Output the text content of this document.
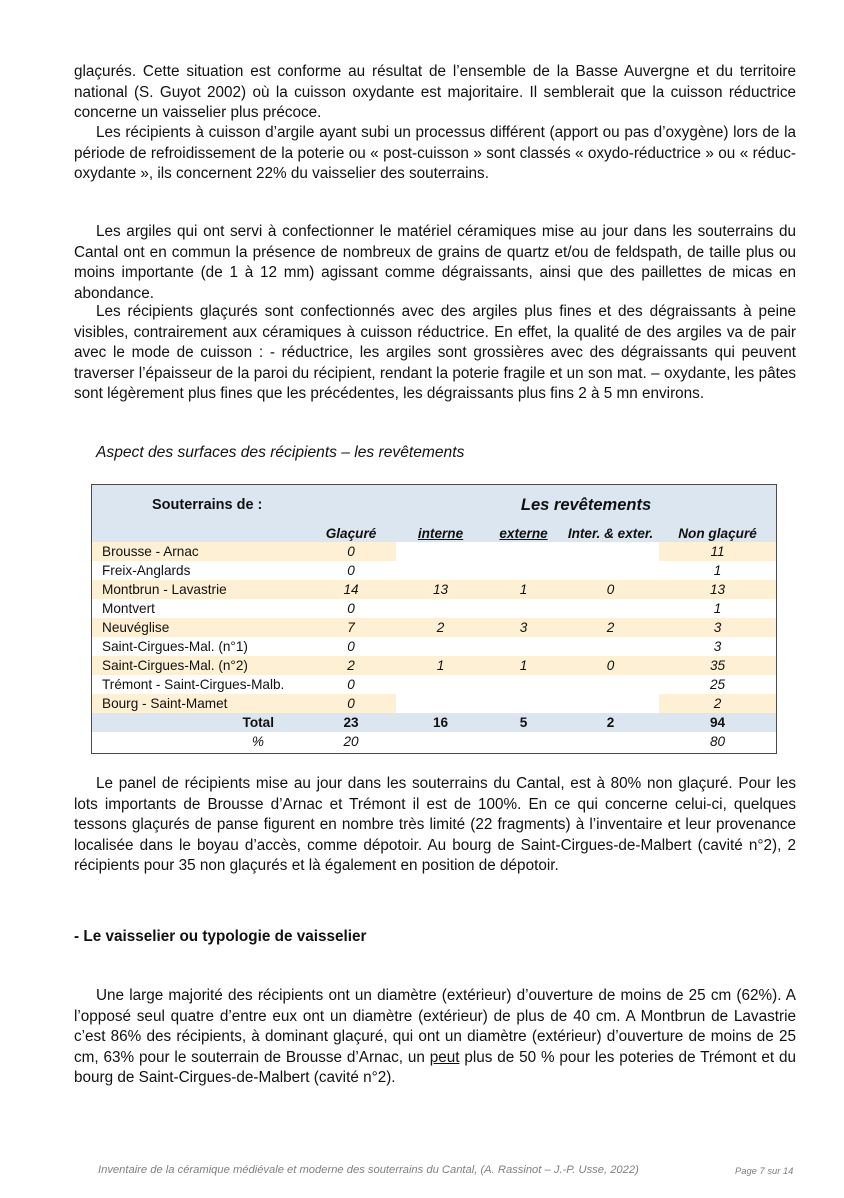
glaçurés. Cette situation est conforme au résultat de l’ensemble de la Basse Auvergne et du territoire national (S. Guyot 2002) où la cuisson oxydante est majoritaire. Il semblerait que la cuisson réductrice concerne un vaisselier plus précoce.

Les récipients à cuisson d’argile ayant subi un processus différent (apport ou pas d’oxygène) lors de la période de refroidissement de la poterie ou « post-cuisson » sont classés « oxydo-réductrice » ou « réduc-oxydante », ils concernent 22% du vaisselier des souterrains.

Les argiles qui ont servi à confectionner le matériel céramiques mise au jour dans les souterrains du Cantal ont en commun la présence de nombreux de grains de quartz et/ou de feldspath, de taille plus ou moins importante (de 1 à 12 mm) agissant comme dégraissants, ainsi que des paillettes de micas en abondance.

Les récipients glaçurés sont confectionnés avec des argiles plus fines et des dégraissants à peine visibles, contrairement aux céramiques à cuisson réductrice. En effet, la qualité de des argiles va de pair avec le mode de cuisson : - réductrice, les argiles sont grossières avec des dégraissants qui peuvent traverser l’épaisseur de la paroi du récipient, rendant la poterie fragile et un son mat. – oxydante, les pâtes sont légèrement plus fines que les précédentes, les dégraissants plus fins 2 à 5 mn environs.

Aspect des surfaces des récipients – les revêtements

Souterrains de :		Les revêtements			
	Glaçuré	interne	externe	Inter. & exter.	Non glaçuré
Brousse - Arnac	0				11
Freix-Anglards	0				1
Montbrun - Lavastrie	14	13	1	0	13
Montvert	0				1
Neuvéglise	7	2	3	2	3
Saint-Cirgues-Mal. (n°1)	0				3
Saint-Cirgues-Mal. (n°2)	2	1	1	0	35
Trémont - Saint-Cirgues-Malb.	0				25
Bourg - Saint-Mamet	0				2
Total	23	16	5	2	94
%	20				80

Le panel de récipients mise au jour dans les souterrains du Cantal, est à 80% non glaçuré. Pour les lots importants de Brousse d’Arnac et Trémont il est de 100%. En ce qui concerne celui-ci, quelques tessons glaçurés de panse figurent en nombre très limité (22 fragments) à l’inventaire et leur provenance localisée dans le boyau d’accès, comme dépotoir. Au bourg de Saint-Cirgues-de-Malbert (cavité n°2), 2 récipients pour 35 non glaçurés et là également en position de dépotoir.

- Le vaisselier ou typologie de vaisselier

Une large majorité des récipients ont un diamètre (extérieur) d’ouverture de moins de 25 cm (62%). A l’opposé seul quatre d’entre eux ont un diamètre (extérieur) de plus de 40 cm. A Montbrun de Lavastrie c’est 86% des récipients, à dominant glaçuré, qui ont un diamètre (extérieur) d’ouverture de moins de 25 cm, 63% pour le souterrain de Brousse d’Arnac, un peut plus de 50 % pour les poteries de Trémont et du bourg de Saint-Cirgues-de-Malbert (cavité n°2).

Inventaire de la céramique médiévale et moderne des souterrains du Cantal, (A. Rassinot – J.-P. Usse, 2022)	Page 7 sur 14
